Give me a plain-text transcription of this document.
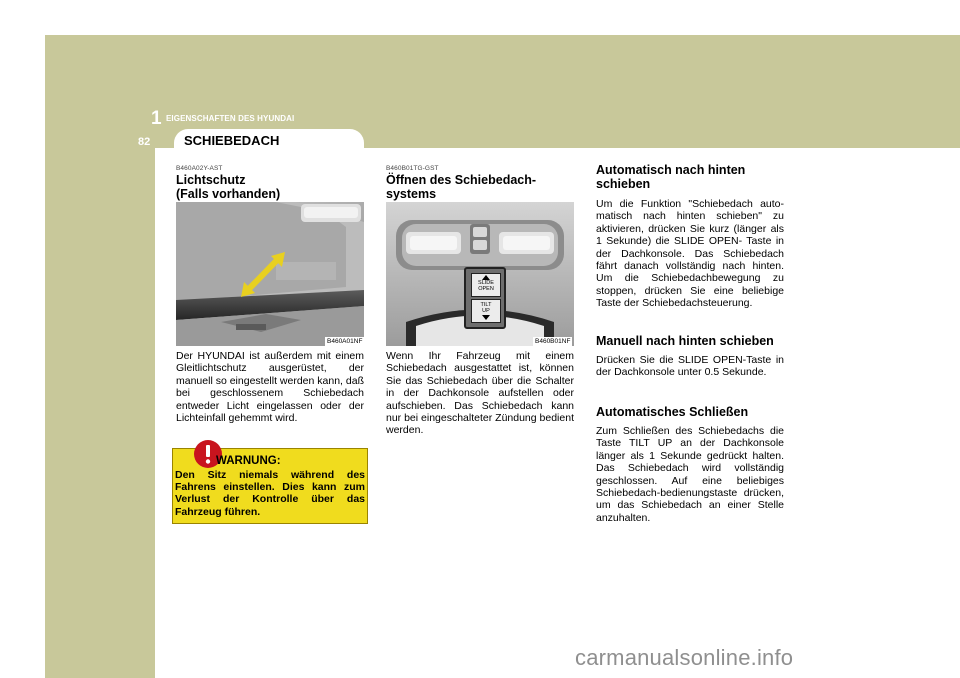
1 EIGENSCHAFTEN DES HYUNDAI
82	SCHIEBEDACH
B460A02Y-AST
Lichtschutz
(Falls vorhanden)
B460A01NF

Der HYUNDAI ist außerdem mit einem Gleitlichtschutz ausgerüstet, der manuell so eingestellt werden kann, daß bei geschlossenem Schiebedach entweder Licht eingelassen oder der Lichteinfall gehemmt wird.

WARNUNG:

Den Sitz niemals während des Fahrens einstellen. Dies kann zum Verlust der Kontrolle über das Fahrzeug führen.

B460B01TG-GST
Öffnen des Schiebedach-
systems
SLIDE
OPEN
TILT
UP
B460B01NF

Wenn Ihr Fahrzeug mit einem Schiebedach ausgestattet ist, können Sie das Schiebedach über die Schalter in der Dachkonsole aufstellen oder aufschieben. Das Schiebedach kann nur bei eingeschalteter Zündung bedient werden.

Automatisch nach hinten
schieben

Um die Funktion "Schiebedach auto-matisch nach hinten schieben" zu aktivieren, drücken Sie kurz (länger als 1 Sekunde) die SLIDE OPEN- Taste in der Dachkonsole. Das Schiebedach fährt danach vollständig nach hinten. Um die Schiebedachbewegung zu stoppen, drücken Sie eine beliebige Taste der Schiebedachsteuerung.

Manuell nach hinten schieben

Drücken Sie die SLIDE OPEN-Taste in der Dachkonsole unter 0.5 Sekunde.

Automatisches Schließen

Zum Schließen des Schiebedachs die Taste TILT UP an der Dachkonsole länger als 1 Sekunde gedrückt halten. Das Schiebedach wird vollständig geschlossen. Auf eine beliebiges Schiebedach-bedienungstaste drücken, um das Schiebedach an einer Stelle anzuhalten.

carmanualsonline.info
